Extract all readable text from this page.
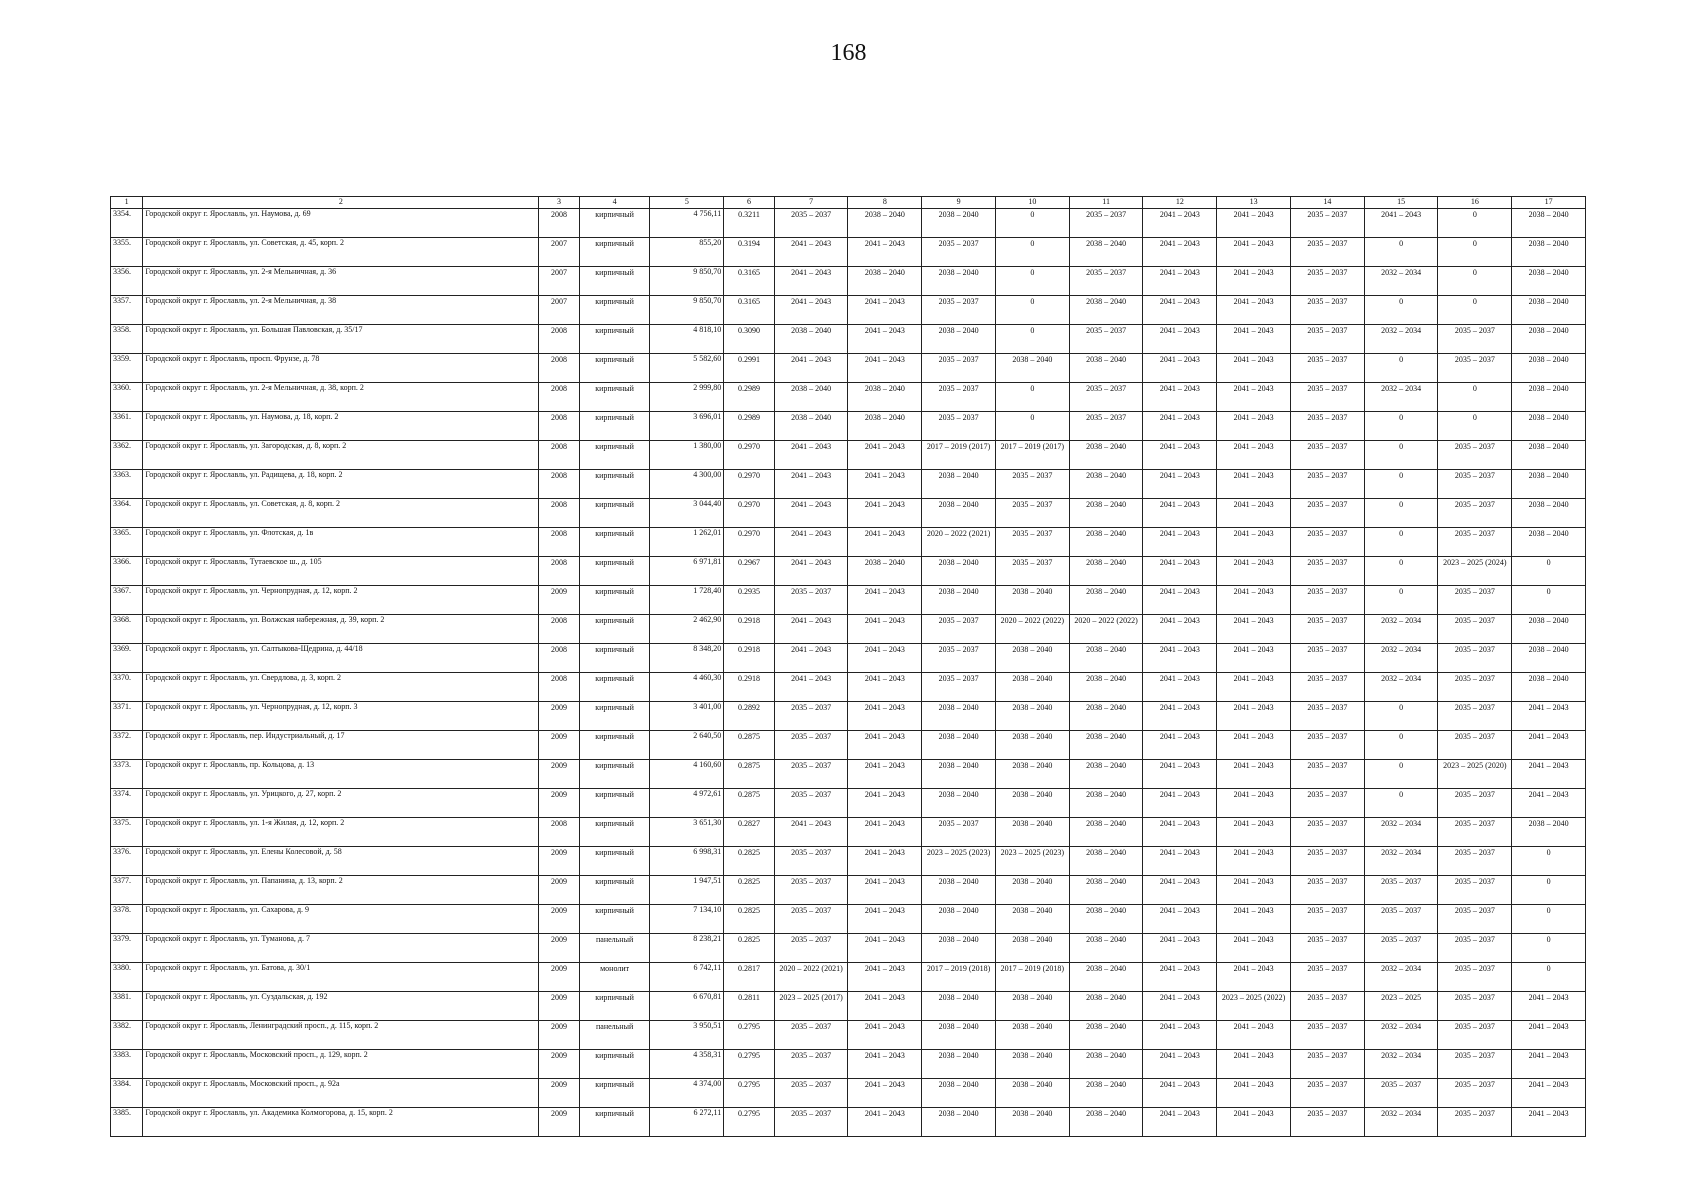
168
1	2	3	4	5	6	7	8	9	10	11	12	13	14	15	16	17
3354.	Городской округ г. Ярославль, ул. Наумова, д. 69	2008	кирпичный	4 756,11	0.3211	2035 – 2037	2038 – 2040	2038 – 2040	0	2035 – 2037	2041 – 2043	2041 – 2043	2035 – 2037	2041 – 2043	0	2038 – 2040
3355.	Городской округ г. Ярославль, ул. Советская, д. 45, корп. 2	2007	кирпичный	855,20	0.3194	2041 – 2043	2041 – 2043	2035 – 2037	0	2038 – 2040	2041 – 2043	2041 – 2043	2035 – 2037	0	0	2038 – 2040
3356.	Городской округ г. Ярославль, ул. 2-я Мельничная, д. 36	2007	кирпичный	9 850,70	0.3165	2041 – 2043	2038 – 2040	2038 – 2040	0	2035 – 2037	2041 – 2043	2041 – 2043	2035 – 2037	2032 – 2034	0	2038 – 2040
3357.	Городской округ г. Ярославль, ул. 2-я Мельничная, д. 38	2007	кирпичный	9 850,70	0.3165	2041 – 2043	2041 – 2043	2035 – 2037	0	2038 – 2040	2041 – 2043	2041 – 2043	2035 – 2037	0	0	2038 – 2040
3358.	Городской округ г. Ярославль, ул. Большая Павловская, д. 35/17	2008	кирпичный	4 818,10	0.3090	2038 – 2040	2041 – 2043	2038 – 2040	0	2035 – 2037	2041 – 2043	2041 – 2043	2035 – 2037	2032 – 2034	2035 – 2037	2038 – 2040
3359.	Городской округ г. Ярославль, просп. Фрунзе, д. 78	2008	кирпичный	5 582,60	0.2991	2041 – 2043	2041 – 2043	2035 – 2037	2038 – 2040	2038 – 2040	2041 – 2043	2041 – 2043	2035 – 2037	0	2035 – 2037	2038 – 2040
3360.	Городской округ г. Ярославль, ул. 2-я Мельничная, д. 38, корп. 2	2008	кирпичный	2 999,80	0.2989	2038 – 2040	2038 – 2040	2035 – 2037	0	2035 – 2037	2041 – 2043	2041 – 2043	2035 – 2037	2032 – 2034	0	2038 – 2040
3361.	Городской округ г. Ярославль, ул. Наумова, д. 18, корп. 2	2008	кирпичный	3 696,01	0.2989	2038 – 2040	2038 – 2040	2035 – 2037	0	2035 – 2037	2041 – 2043	2041 – 2043	2035 – 2037	0	0	2038 – 2040
3362.	Городской округ г. Ярославль, ул. Загородская, д. 8, корп. 2	2008	кирпичный	1 380,00	0.2970	2041 – 2043	2041 – 2043	2017 – 2019 (2017)	2017 – 2019 (2017)	2038 – 2040	2041 – 2043	2041 – 2043	2035 – 2037	0	2035 – 2037	2038 – 2040
3363.	Городской округ г. Ярославль, ул. Радищева, д. 18, корп. 2	2008	кирпичный	4 300,00	0.2970	2041 – 2043	2041 – 2043	2038 – 2040	2035 – 2037	2038 – 2040	2041 – 2043	2041 – 2043	2035 – 2037	0	2035 – 2037	2038 – 2040
3364.	Городской округ г. Ярославль, ул. Советская, д. 8, корп. 2	2008	кирпичный	3 044,40	0.2970	2041 – 2043	2041 – 2043	2038 – 2040	2035 – 2037	2038 – 2040	2041 – 2043	2041 – 2043	2035 – 2037	0	2035 – 2037	2038 – 2040
3365.	Городской округ г. Ярославль, ул. Флотская, д. 1в	2008	кирпичный	1 262,01	0.2970	2041 – 2043	2041 – 2043	2020 – 2022 (2021)	2035 – 2037	2038 – 2040	2041 – 2043	2041 – 2043	2035 – 2037	0	2035 – 2037	2038 – 2040
3366.	Городской округ г. Ярославль, Тутаевское ш., д. 105	2008	кирпичный	6 971,81	0.2967	2041 – 2043	2038 – 2040	2038 – 2040	2035 – 2037	2038 – 2040	2041 – 2043	2041 – 2043	2035 – 2037	0	2023 – 2025 (2024)	0
3367.	Городской округ г. Ярославль, ул. Чернопрудная, д. 12, корп. 2	2009	кирпичный	1 728,40	0.2935	2035 – 2037	2041 – 2043	2038 – 2040	2038 – 2040	2038 – 2040	2041 – 2043	2041 – 2043	2035 – 2037	0	2035 – 2037	0
3368.	Городской округ г. Ярославль, ул. Волжская набережная, д. 39, корп. 2	2008	кирпичный	2 462,90	0.2918	2041 – 2043	2041 – 2043	2035 – 2037	2020 – 2022 (2022)	2020 – 2022 (2022)	2041 – 2043	2041 – 2043	2035 – 2037	2032 – 2034	2035 – 2037	2038 – 2040
3369.	Городской округ г. Ярославль, ул. Салтыкова-Щедрина, д. 44/18	2008	кирпичный	8 348,20	0.2918	2041 – 2043	2041 – 2043	2035 – 2037	2038 – 2040	2038 – 2040	2041 – 2043	2041 – 2043	2035 – 2037	2032 – 2034	2035 – 2037	2038 – 2040
3370.	Городской округ г. Ярославль, ул. Свердлова, д. 3, корп. 2	2008	кирпичный	4 460,30	0.2918	2041 – 2043	2041 – 2043	2035 – 2037	2038 – 2040	2038 – 2040	2041 – 2043	2041 – 2043	2035 – 2037	2032 – 2034	2035 – 2037	2038 – 2040
3371.	Городской округ г. Ярославль, ул. Чернопрудная, д. 12, корп. 3	2009	кирпичный	3 401,00	0.2892	2035 – 2037	2041 – 2043	2038 – 2040	2038 – 2040	2038 – 2040	2041 – 2043	2041 – 2043	2035 – 2037	0	2035 – 2037	2041 – 2043
3372.	Городской округ г. Ярославль, пер. Индустриальный, д. 17	2009	кирпичный	2 640,50	0.2875	2035 – 2037	2041 – 2043	2038 – 2040	2038 – 2040	2038 – 2040	2041 – 2043	2041 – 2043	2035 – 2037	0	2035 – 2037	2041 – 2043
3373.	Городской округ г. Ярославль, пр. Кольцова, д. 13	2009	кирпичный	4 160,60	0.2875	2035 – 2037	2041 – 2043	2038 – 2040	2038 – 2040	2038 – 2040	2041 – 2043	2041 – 2043	2035 – 2037	0	2023 – 2025 (2020)	2041 – 2043
3374.	Городской округ г. Ярославль, ул. Урицкого, д. 27, корп. 2	2009	кирпичный	4 972,61	0.2875	2035 – 2037	2041 – 2043	2038 – 2040	2038 – 2040	2038 – 2040	2041 – 2043	2041 – 2043	2035 – 2037	0	2035 – 2037	2041 – 2043
3375.	Городской округ г. Ярославль, ул. 1-я Жилая, д. 12, корп. 2	2008	кирпичный	3 651,30	0.2827	2041 – 2043	2041 – 2043	2035 – 2037	2038 – 2040	2038 – 2040	2041 – 2043	2041 – 2043	2035 – 2037	2032 – 2034	2035 – 2037	2038 – 2040
3376.	Городской округ г. Ярославль, ул. Елены Колесовой, д. 58	2009	кирпичный	6 998,31	0.2825	2035 – 2037	2041 – 2043	2023 – 2025 (2023)	2023 – 2025 (2023)	2038 – 2040	2041 – 2043	2041 – 2043	2035 – 2037	2032 – 2034	2035 – 2037	0
3377.	Городской округ г. Ярославль, ул. Папанина, д. 13, корп. 2	2009	кирпичный	1 947,51	0.2825	2035 – 2037	2041 – 2043	2038 – 2040	2038 – 2040	2038 – 2040	2041 – 2043	2041 – 2043	2035 – 2037	2035 – 2037	2035 – 2037	0
3378.	Городской округ г. Ярославль, ул. Сахарова, д. 9	2009	кирпичный	7 134,10	0.2825	2035 – 2037	2041 – 2043	2038 – 2040	2038 – 2040	2038 – 2040	2041 – 2043	2041 – 2043	2035 – 2037	2035 – 2037	2035 – 2037	0
3379.	Городской округ г. Ярославль, ул. Туманова, д. 7	2009	панельный	8 238,21	0.2825	2035 – 2037	2041 – 2043	2038 – 2040	2038 – 2040	2038 – 2040	2041 – 2043	2041 – 2043	2035 – 2037	2035 – 2037	2035 – 2037	0
3380.	Городской округ г. Ярославль, ул. Батова, д. 30/1	2009	монолит	6 742,11	0.2817	2020 – 2022 (2021)	2041 – 2043	2017 – 2019 (2018)	2017 – 2019 (2018)	2038 – 2040	2041 – 2043	2041 – 2043	2035 – 2037	2032 – 2034	2035 – 2037	0
3381.	Городской округ г. Ярославль, ул. Суздальская, д. 192	2009	кирпичный	6 670,81	0.2811	2023 – 2025 (2017)	2041 – 2043	2038 – 2040	2038 – 2040	2038 – 2040	2041 – 2043	2023 – 2025 (2022)	2035 – 2037	2023 – 2025	2035 – 2037	2041 – 2043
3382.	Городской округ г. Ярославль, Ленинградский просп., д. 115, корп. 2	2009	панельный	3 950,51	0.2795	2035 – 2037	2041 – 2043	2038 – 2040	2038 – 2040	2038 – 2040	2041 – 2043	2041 – 2043	2035 – 2037	2032 – 2034	2035 – 2037	2041 – 2043
3383.	Городской округ г. Ярославль, Московский просп., д. 129, корп. 2	2009	кирпичный	4 358,31	0.2795	2035 – 2037	2041 – 2043	2038 – 2040	2038 – 2040	2038 – 2040	2041 – 2043	2041 – 2043	2035 – 2037	2032 – 2034	2035 – 2037	2041 – 2043
3384.	Городской округ г. Ярославль, Московский просп., д. 92а	2009	кирпичный	4 374,00	0.2795	2035 – 2037	2041 – 2043	2038 – 2040	2038 – 2040	2038 – 2040	2041 – 2043	2041 – 2043	2035 – 2037	2035 – 2037	2035 – 2037	2041 – 2043
3385.	Городской округ г. Ярославль, ул. Академика Колмогорова, д. 15, корп. 2	2009	кирпичный	6 272,11	0.2795	2035 – 2037	2041 – 2043	2038 – 2040	2038 – 2040	2038 – 2040	2041 – 2043	2041 – 2043	2035 – 2037	2032 – 2034	2035 – 2037	2041 – 2043
